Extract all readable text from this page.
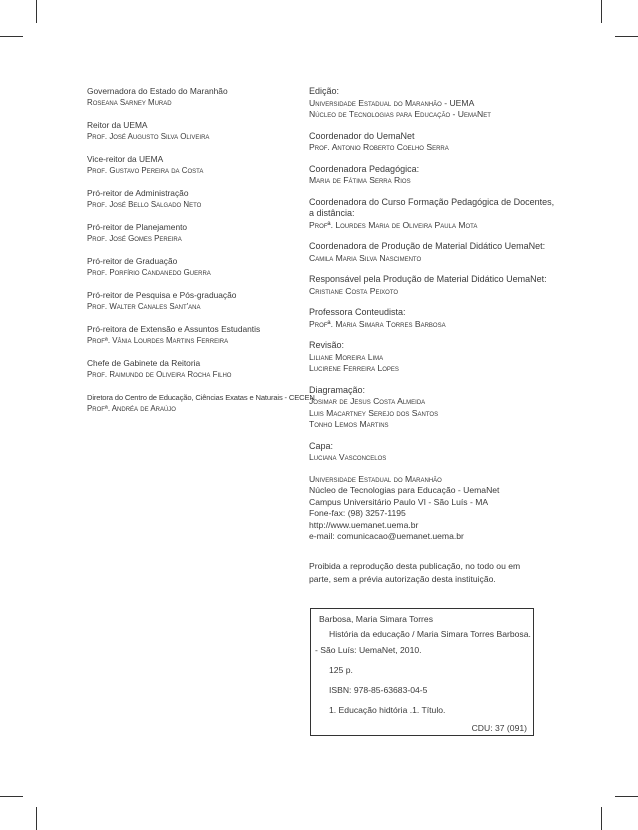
Governadora do Estado do Maranhão
Roseana Sarney Murad
Reitor da UEMA
Prof. José Augusto Silva Oliveira
Vice-reitor da UEMA
Prof. Gustavo Pereira da Costa
Pró-reitor de Administração
Prof. José Bello Salgado Neto
Pró-reitor de Planejamento
Prof. José Gomes Pereira
Pró-reitor de Graduação
Prof. Porfírio Candanedo Guerra
Pró-reitor de Pesquisa e Pós-graduação
Prof. Walter Canales Sant'ana
Pró-reitora de Extensão e Assuntos Estudantis
Profª. Vânia Lourdes Martins Ferreira
Chefe de Gabinete da Reitoria
Prof. Raimundo de Oliveira Rocha Filho
Diretora do Centro de Educação, Ciências Exatas e Naturais - CECEN
Profª. Andréa de Araújo
Edição:
Universidade Estadual do Maranhão - UEMA
Núcleo de Tecnologias para Educação - UemaNet
Coordenador do UemaNet
Prof. Antonio Roberto Coelho Serra
Coordenadora Pedagógica:
Maria de Fátima Serra Rios
Coordenadora do Curso Formação Pedagógica de Docentes,
a distância:
Profª. Lourdes Maria de Oliveira Paula Mota
Coordenadora de Produção de Material Didático UemaNet:
Camila Maria Silva Nascimento
Responsável pela Produção de Material Didático UemaNet:
Cristiane Costa Peixoto
Professora Conteudista:
Profª. Maria Simara Torres Barbosa
Revisão:
Liliane Moreira Lima
Lucirene Ferreira Lopes
Diagramação:
Josimar de Jesus Costa Almeida
Luis Macartney Serejo dos Santos
Tonho Lemos Martins
Capa:
Luciana Vasconcelos
Universidade Estadual do Maranhão
Núcleo de Tecnologias para Educação - UemaNet
Campus Universitário Paulo VI - São Luís - MA
Fone-fax: (98) 3257-1195
http://www.uemanet.uema.br
e-mail: comunicacao@uemanet.uema.br
Proibida a reprodução desta publicação, no todo ou em
parte, sem a prévia autorização desta instituição.
Barbosa, Maria Simara Torres
História da educação / Maria Simara Torres Barbosa.
- São Luís: UemaNet, 2010.
125 p.
ISBN: 978-85-63683-04-5
1. Educação hidtória .1. Título.
CDU: 37 (091)
